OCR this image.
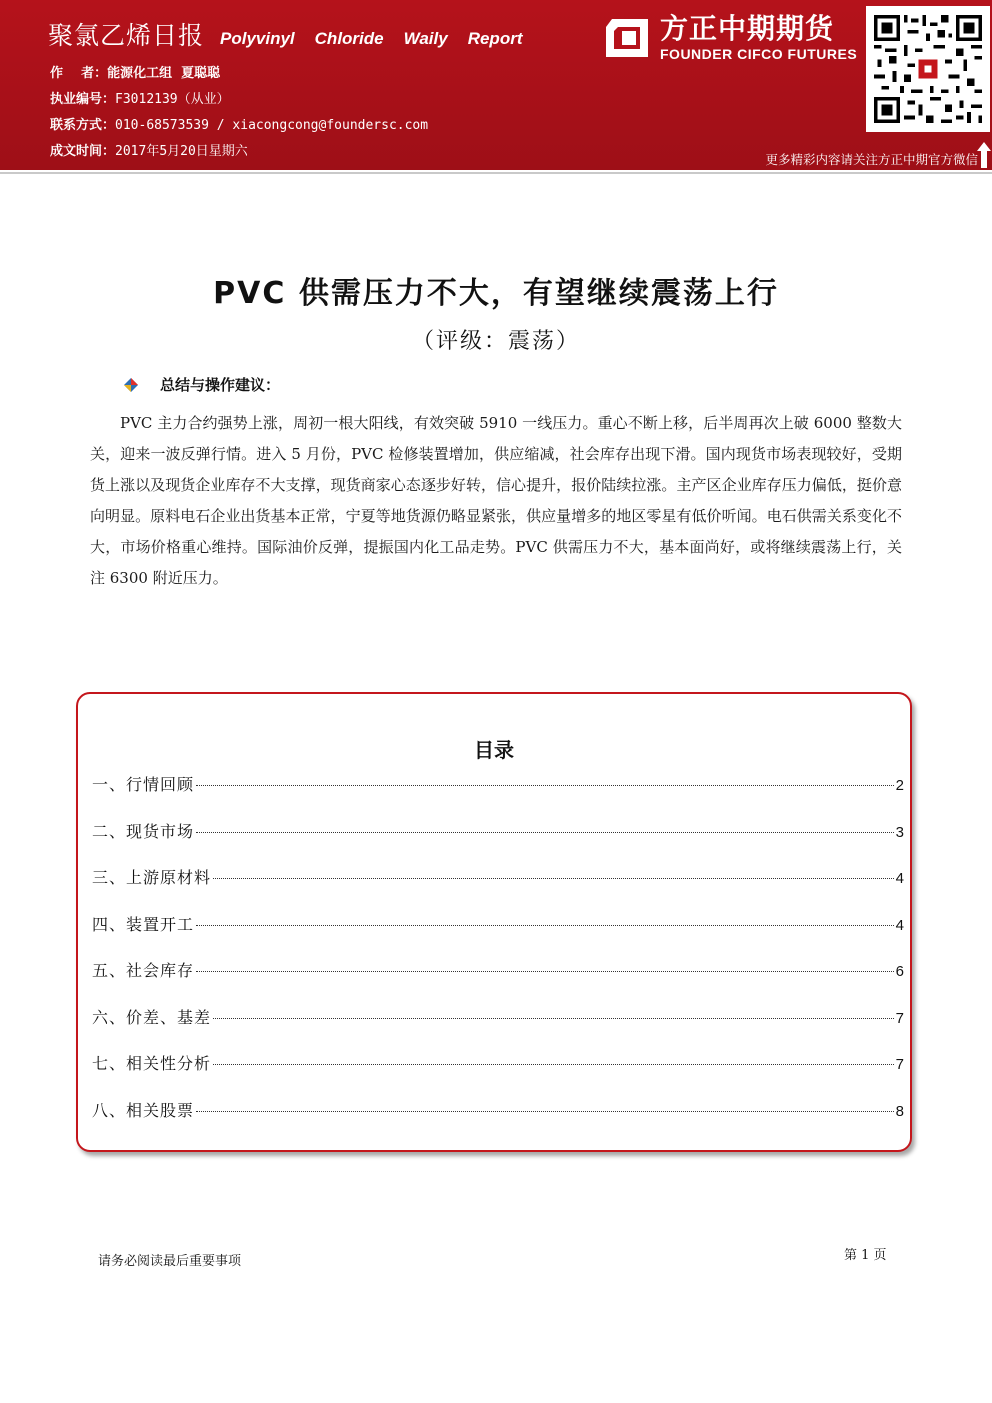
聚氯乙烯日报 Polyvinyl Chloride Waily Report
作    者：能源化工组  夏聪聪
执业编号：F3012139（从业）
联系方式：010-68573539 / xiacongcong@foundersc.com
成文时间：2017年5月20日星期六
方正中期期货
FOUNDER CIFCO FUTURES
更多精彩内容请关注方正中期官方微信
PVC 供需压力不大，有望继续震荡上行
（评级：震荡）
总结与操作建议：
PVC 主力合约强势上涨，周初一根大阳线，有效突破 5910 一线压力。重心不断上移，后半周再次上破 6000 整数大关，迎来一波反弹行情。进入 5 月份，PVC 检修装置增加，供应缩减，社会库存出现下滑。国内现货市场表现较好，受期货上涨以及现货企业库存不大支撑，现货商家心态逐步好转，信心提升，报价陆续拉涨。主产区企业库存压力偏低，挺价意向明显。原料电石企业出货基本正常，宁夏等地货源仍略显紧张，供应量增多的地区零星有低价听闻。电石供需关系变化不大，市场价格重心维持。国际油价反弹，提振国内化工品走势。PVC 供需压力不大，基本面尚好，或将继续震荡上行，关注 6300 附近压力。
目录
一、行情回顾	2
二、现货市场	3
三、上游原材料	4
四、装置开工	4
五、社会库存	6
六、价差、基差	7
七、相关性分析	7
八、相关股票	8
请务必阅读最后重要事项	第 1 页
